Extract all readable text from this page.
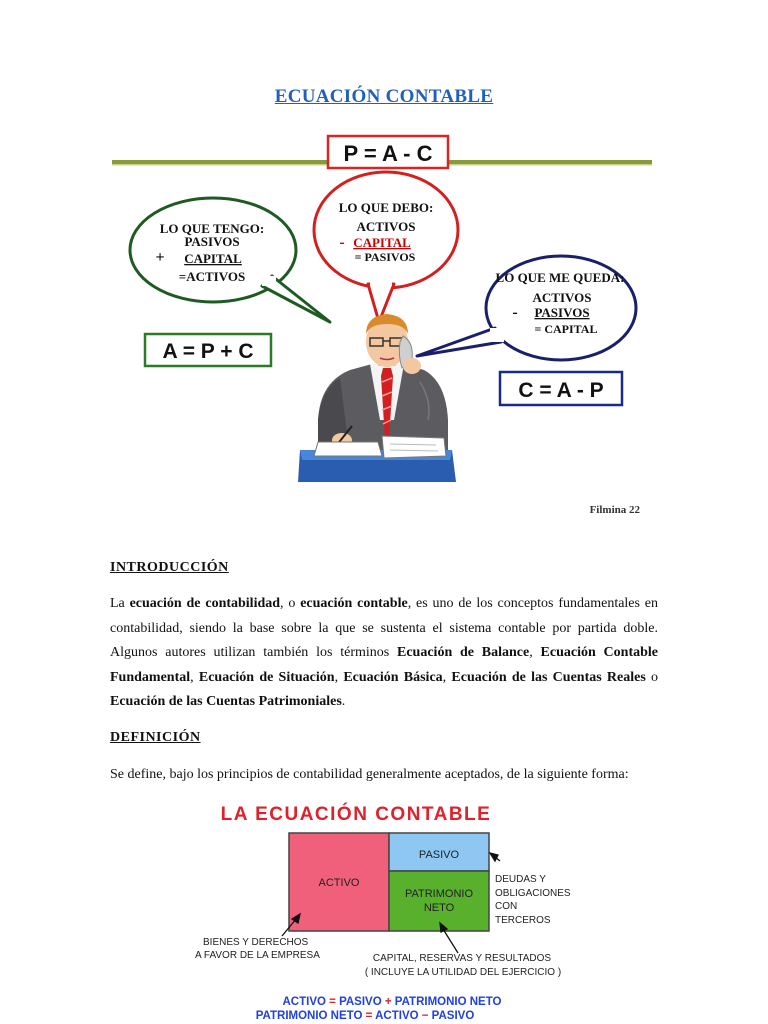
ECUACIÓN CONTABLE
P = A - C
LO QUE TENGO:
PASIVOS
+ CAPITAL
=ACTIVOS
LO QUE DEBO:
ACTIVOS
- CAPITAL
= PASIVOS
LO QUE ME QUEDA:
ACTIVOS
- PASIVOS
= CAPITAL
A = P + C
C = A - P
Filmina 22
INTRODUCCIÓN
La ecuación de contabilidad, o ecuación contable, es uno de los conceptos fundamentales en contabilidad, siendo la base sobre la que se sustenta el sistema contable por partida doble. Algunos autores utilizan también los términos Ecuación de Balance, Ecuación Contable Fundamental, Ecuación de Situación, Ecuación Básica, Ecuación de las Cuentas Reales o Ecuación de las Cuentas Patrimoniales.
DEFINICIÓN
Se define, bajo los principios de contabilidad generalmente aceptados, de la siguiente forma:
LA ECUACIÓN CONTABLE
ACTIVO
PASIVO
PATRIMONIO
NETO
DEUDAS Y
OBLIGACIONES
CON
TERCEROS
BIENES Y DERECHOS
A FAVOR DE LA EMPRESA	CAPITAL, RESERVAS Y RESULTADOS
( INCLUYE LA UTILIDAD DEL EJERCICIO )
ACTIVO = PASIVO + PATRIMONIO NETO
PATRIMONIO NETO = ACTIVO − PASIVO
